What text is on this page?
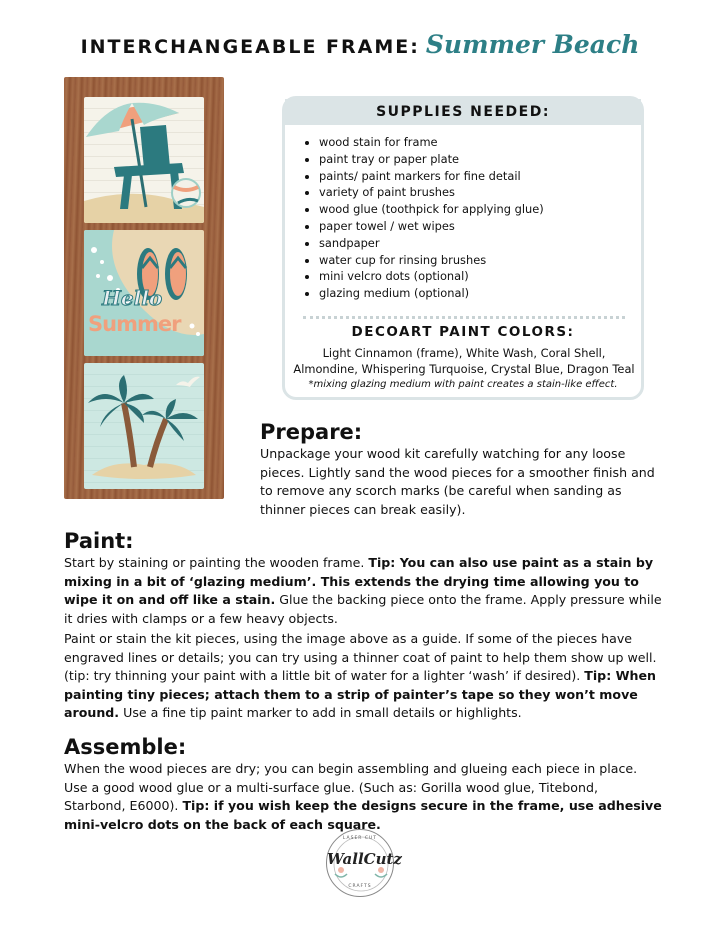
INTERCHANGEABLE FRAME: Summer Beach
Hello
Summer
SUPPLIES NEEDED:
• wood stain for frame
• paint tray or paper plate
• paints/ paint markers for fine detail
• variety of paint brushes
• wood glue (toothpick for applying glue)
• paper towel / wet wipes
• sandpaper
• water cup for rinsing brushes
• mini velcro dots (optional)
• glazing medium (optional)
DECOART PAINT COLORS:
Light Cinnamon (frame), White Wash, Coral Shell,
Almondine, Whispering Turquoise, Crystal Blue, Dragon Teal
*mixing glazing medium with paint creates a stain-like effect.
Prepare:
Unpackage your wood kit carefully watching for any loose pieces. Lightly sand the wood pieces for a smoother finish and to remove any scorch marks (be careful when sanding as thinner pieces can break easily).
Paint:
Start by staining or painting the wooden frame. Tip: You can also use paint as a stain by mixing in a bit of ‘glazing medium’. This extends the drying time allowing you to wipe it on and off like a stain. Glue the backing piece onto the frame. Apply pressure while it dries with clamps or a few heavy objects.
Paint or stain the kit pieces, using the image above as a guide. If some of the pieces have engraved lines or details; you can try using a thinner coat of paint to help them show up well. (tip: try thinning your paint with a little bit of water for a lighter ‘wash’ if desired). Tip: When painting tiny pieces; attach them to a strip of painter’s tape so they won’t move around. Use a fine tip paint marker to add in small details or highlights.
Assemble:
When the wood pieces are dry; you can begin assembling and glueing each piece in place. Use a good wood glue or a multi-surface glue. (Such as: Gorilla wood glue, Titebond, Starbond, E6000). Tip: if you wish keep the designs secure in the frame, use adhesive mini-velcro dots on the back of each square.
WallCutz
LASER CUT
CRAFTS
